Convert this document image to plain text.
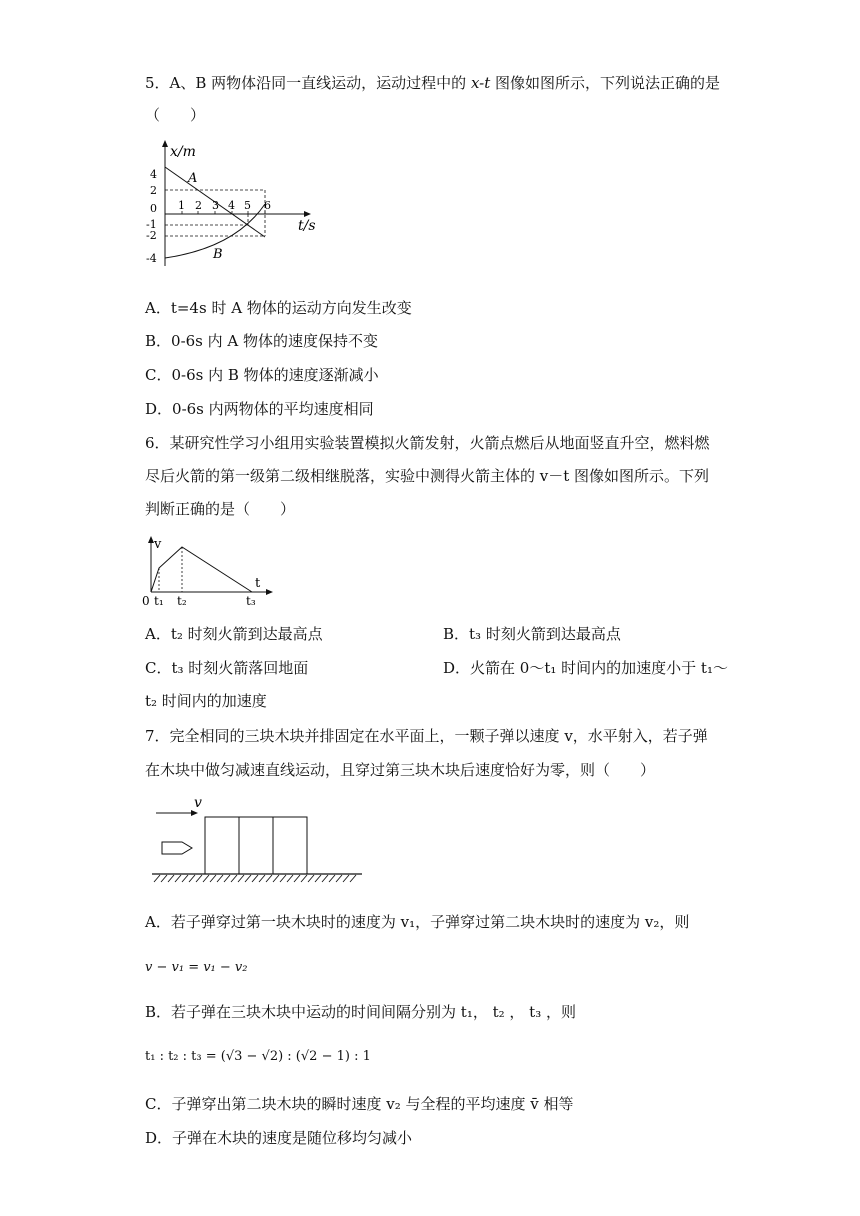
5．A、B 两物体沿同一直线运动，运动过程中的 x-t 图像如图所示，下列说法正确的是
（　　）
x/m
t/s
4
2
0
-1
-2
-4
1 2 3 4 5 6
A
B
A．t=4s 时 A 物体的运动方向发生改变
B．0-6s 内 A 物体的速度保持不变
C．0-6s 内 B 物体的速度逐渐减小
D．0-6s 内两物体的平均速度相同
6．某研究性学习小组用实验装置模拟火箭发射，火箭点燃后从地面竖直升空，燃料燃
尽后火箭的第一级第二级相继脱落，实验中测得火箭主体的 v－t 图像如图所示。下列
判断正确的是（　　）
v
t
0 t₁ t₂	t₃
A．t₂ 时刻火箭到达最高点	B．t₃ 时刻火箭到达最高点
C．t₃ 时刻火箭落回地面	D．火箭在 0～t₁ 时间内的加速度小于 t₁～
t₂ 时间内的加速度
7．完全相同的三块木块并排固定在水平面上，一颗子弹以速度 v，水平射入，若子弹
在木块中做匀减速直线运动，且穿过第三块木块后速度恰好为零，则（　　）
v
A．若子弹穿过第一块木块时的速度为 v₁，子弹穿过第二块木块时的速度为 v₂，则
v − v₁ = v₁ − v₂
B．若子弹在三块木块中运动的时间间隔分别为 t₁， t₂ ， t₃ ，则
t₁ : t₂ : t₃ = (√3 − √2) : (√2 − 1) : 1
C．子弹穿出第二块木块的瞬时速度 v₂ 与全程的平均速度 v̄ 相等
D．子弹在木块的速度是随位移均匀减小
